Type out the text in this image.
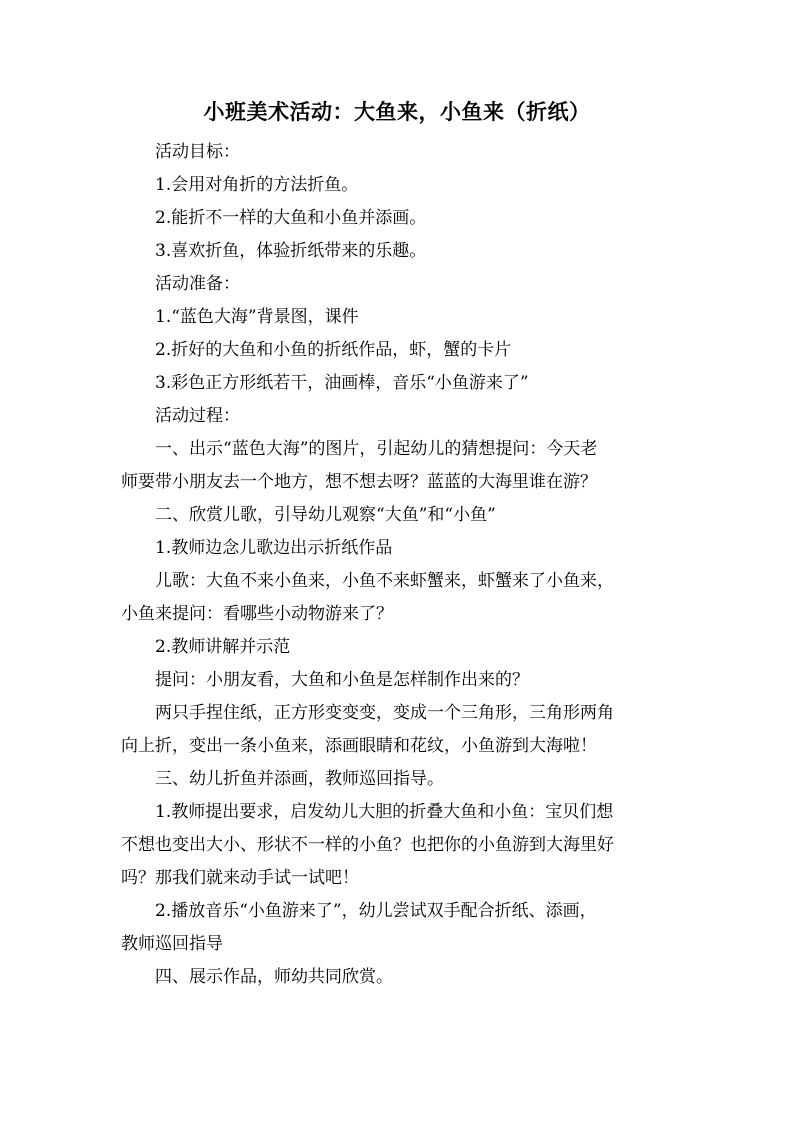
小班美术活动：大鱼来，小鱼来（折纸）

活动目标：

1.会用对角折的方法折鱼。

2.能折不一样的大鱼和小鱼并添画。

3.喜欢折鱼，体验折纸带来的乐趣。

活动准备：

1.“蓝色大海”背景图，课件

2.折好的大鱼和小鱼的折纸作品，虾，蟹的卡片

3.彩色正方形纸若干，油画棒，音乐“小鱼游来了”

活动过程：

一、出示“蓝色大海”的图片，引起幼儿的猜想提问：今天老

师要带小朋友去一个地方，想不想去呀？蓝蓝的大海里谁在游？

二、欣赏儿歌，引导幼儿观察“大鱼”和“小鱼”

1.教师边念儿歌边出示折纸作品

儿歌：大鱼不来小鱼来，小鱼不来虾蟹来，虾蟹来了小鱼来，

小鱼来提问：看哪些小动物游来了？

2.教师讲解并示范

提问：小朋友看，大鱼和小鱼是怎样制作出来的？

两只手捏住纸，正方形变变变，变成一个三角形，三角形两角

向上折，变出一条小鱼来，添画眼睛和花纹，小鱼游到大海啦！

三、幼儿折鱼并添画，教师巡回指导。

1.教师提出要求，启发幼儿大胆的折叠大鱼和小鱼：宝贝们想

不想也变出大小、形状不一样的小鱼？也把你的小鱼游到大海里好

吗？那我们就来动手试一试吧！

2.播放音乐“小鱼游来了”，幼儿尝试双手配合折纸、添画，

教师巡回指导

四、展示作品，师幼共同欣赏。
